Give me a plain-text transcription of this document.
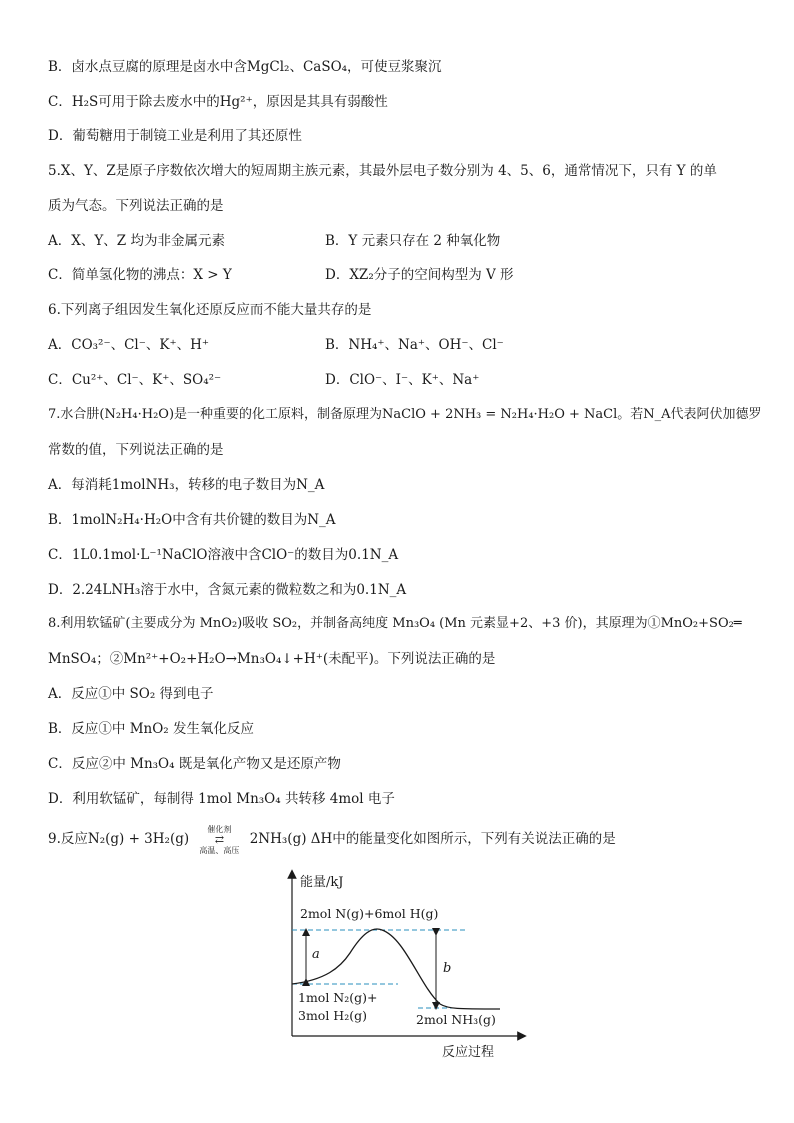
B．卤水点豆腐的原理是卤水中含MgCl₂、CaSO₄，可使豆浆聚沉
C．H₂S可用于除去废水中的Hg²⁺，原因是其具有弱酸性
D．葡萄糖用于制镜工业是利用了其还原性
5.X、Y、Z是原子序数依次增大的短周期主族元素，其最外层电子数分别为 4、5、6，通常情况下，只有 Y 的单
质为气态。下列说法正确的是
A．X、Y、Z 均为非金属元素	B．Y 元素只存在 2 种氧化物
C．简单氢化物的沸点：X > Y	D．XZ₂分子的空间构型为 V 形
6.下列离子组因发生氧化还原反应而不能大量共存的是
A．CO₃²⁻、Cl⁻、K⁺、H⁺	B．NH₄⁺、Na⁺、OH⁻、Cl⁻
C．Cu²⁺、Cl⁻、K⁺、SO₄²⁻	D．ClO⁻、I⁻、K⁺、Na⁺
7.水合肼(N₂H₄·H₂O)是一种重要的化工原料，制备原理为NaClO + 2NH₃ = N₂H₄·H₂O + NaCl。若N_A代表阿伏加德罗
常数的值，下列说法正确的是
A．每消耗1molNH₃，转移的电子数目为N_A
B．1molN₂H₄·H₂O中含有共价键的数目为N_A
C．1L0.1mol·L⁻¹NaClO溶液中含ClO⁻的数目为0.1N_A
D．2.24LNH₃溶于水中，含氮元素的微粒数之和为0.1N_A
8.利用软锰矿(主要成分为 MnO₂)吸收 SO₂，并制备高纯度 Mn₃O₄ (Mn 元素显+2、+3 价)，其原理为①MnO₂+SO₂═
MnSO₄；②Mn²⁺+O₂+H₂O→Mn₃O₄↓+H⁺(未配平)。下列说法正确的是
A．反应①中 SO₂ 得到电子
B．反应①中 MnO₂ 发生氧化反应
C．反应②中 Mn₃O₄ 既是氧化产物又是还原产物
D．利用软锰矿，每制得 1mol Mn₃O₄ 共转移 4mol 电子
9.反应N₂(g) + 3H₂(g)
催化剂
⇄
高温、高压
2NH₃(g) ΔH中的能量变化如图所示，下列有关说法正确的是
能量/kJ
反应过程
a
b
2mol N(g)+6mol H(g)
1mol N₂(g)+
3mol H₂(g)	2mol NH₃(g)
